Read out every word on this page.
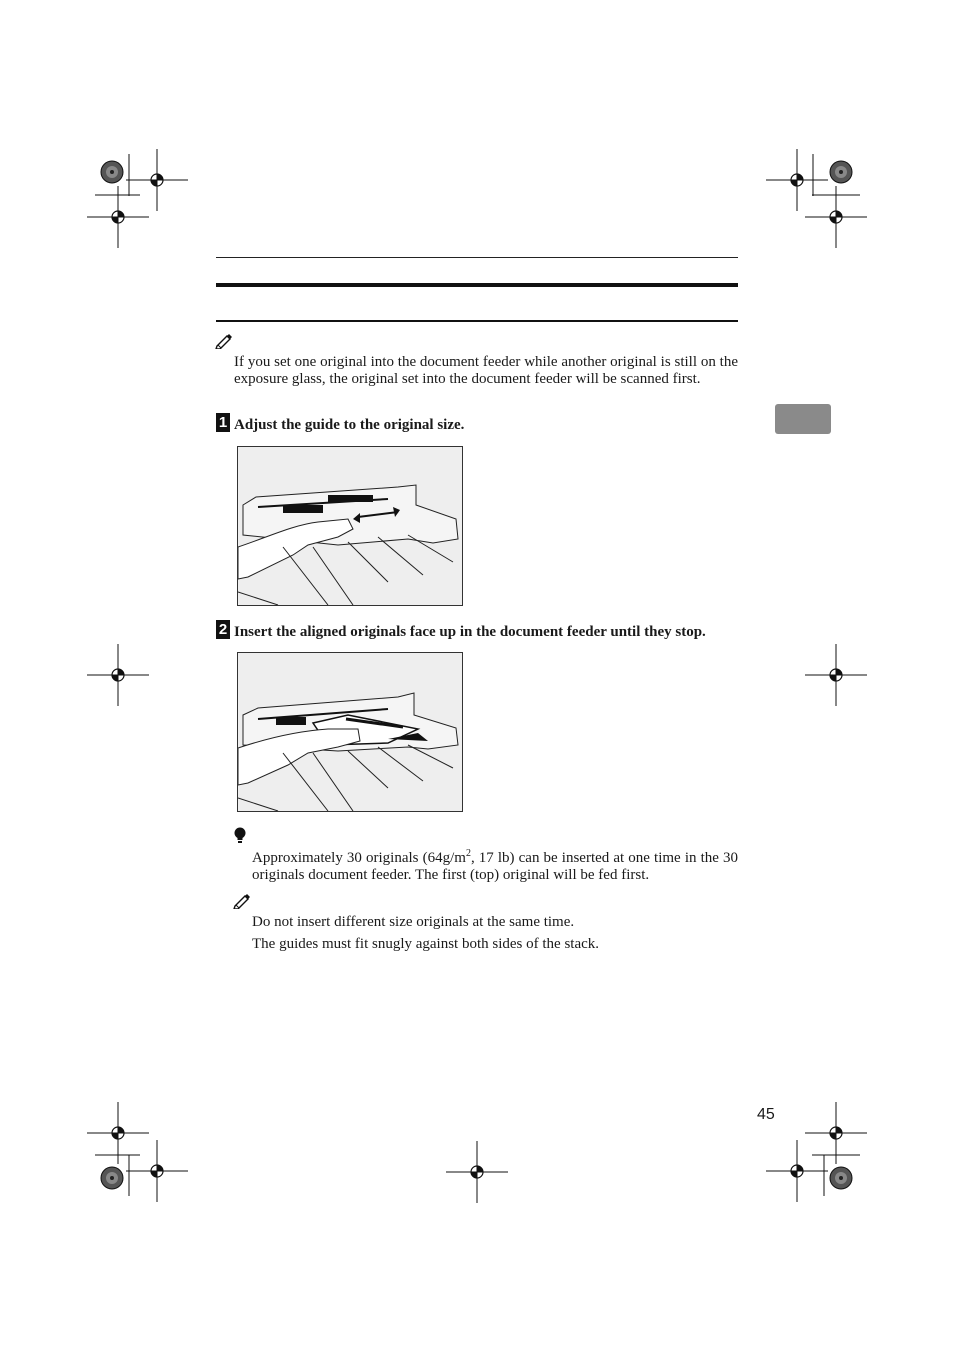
If you set one original into the document feeder while another original is still on the exposure glass, the original set into the document feeder will be scanned first.
1 Adjust the guide to the original size.
2 Insert the aligned originals face up in the document feeder until they stop.
Approximately 30 originals ($64g/m^2$, 17 lb) can be inserted at one time in the 30 originals document feeder. The first (top) original will be fed first.
Do not insert different size originals at the same time.
The guides must fit snugly against both sides of the stack.
45
